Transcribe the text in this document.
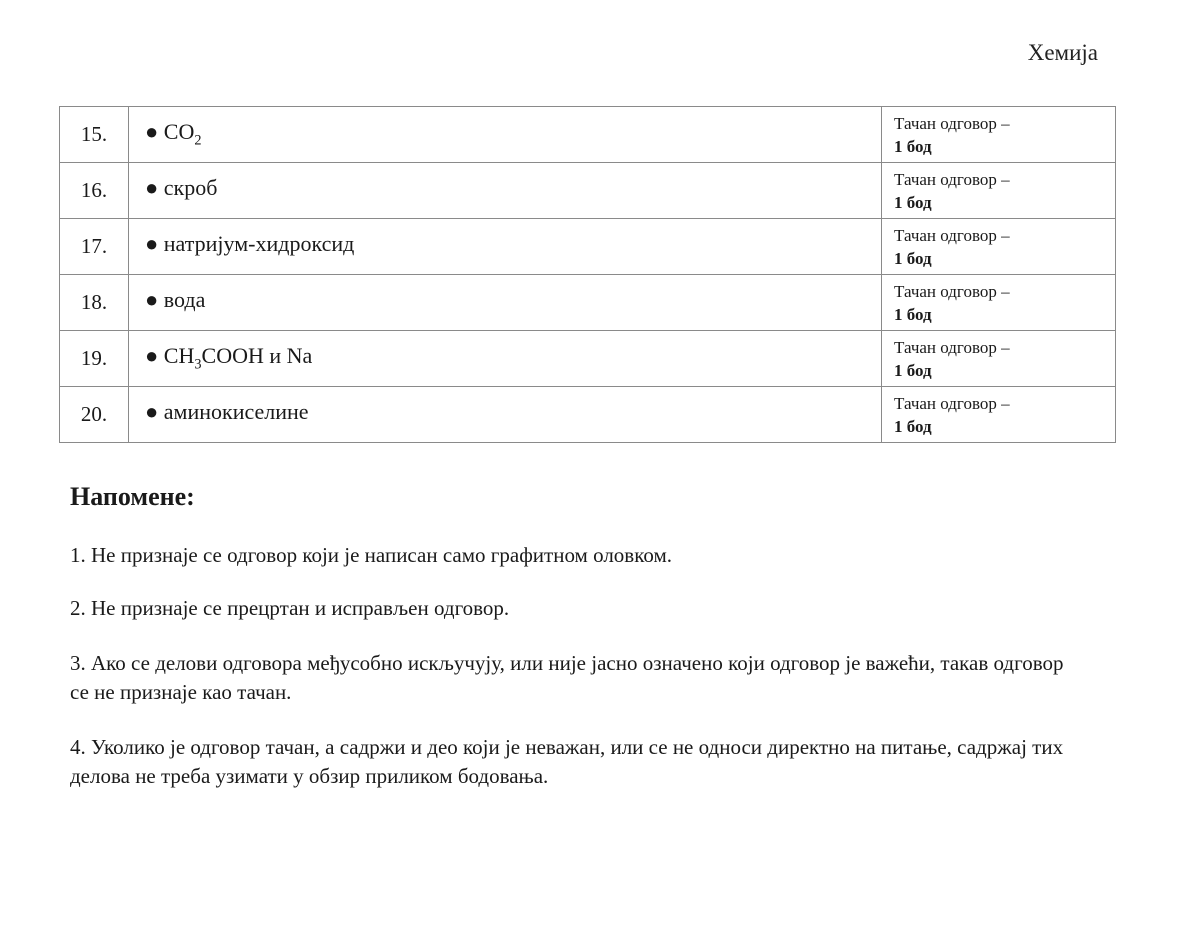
Хемија
15.	● $CO_2$	Тачан одговор –
1 бод

16.	● скроб	Тачан одговор –
1 бод

17.	● натријум-хидроксид	Тачан одговор –
1 бод

18.	● вода	Тачан одговор –
1 бод

19.	● $CH_3COOH$ и Na	Тачан одговор –
1 бод

20.	● аминокиселине	Тачан одговор –
1 бод
Напомене:

1. Не признаје се одговор који је написан само графитном оловком.

2. Не признаје се прецртан и исправљен одговор.

3. Ако се делови одговора међусобно искључују, или није јасно означено који одговор је важећи, такав одговор се не признаје као тачан.

4. Уколико је одговор тачан, а садржи и део који је неважан, или се не односи директно на питање, садржај тих делова не треба узимати у обзир приликом бодовања.
